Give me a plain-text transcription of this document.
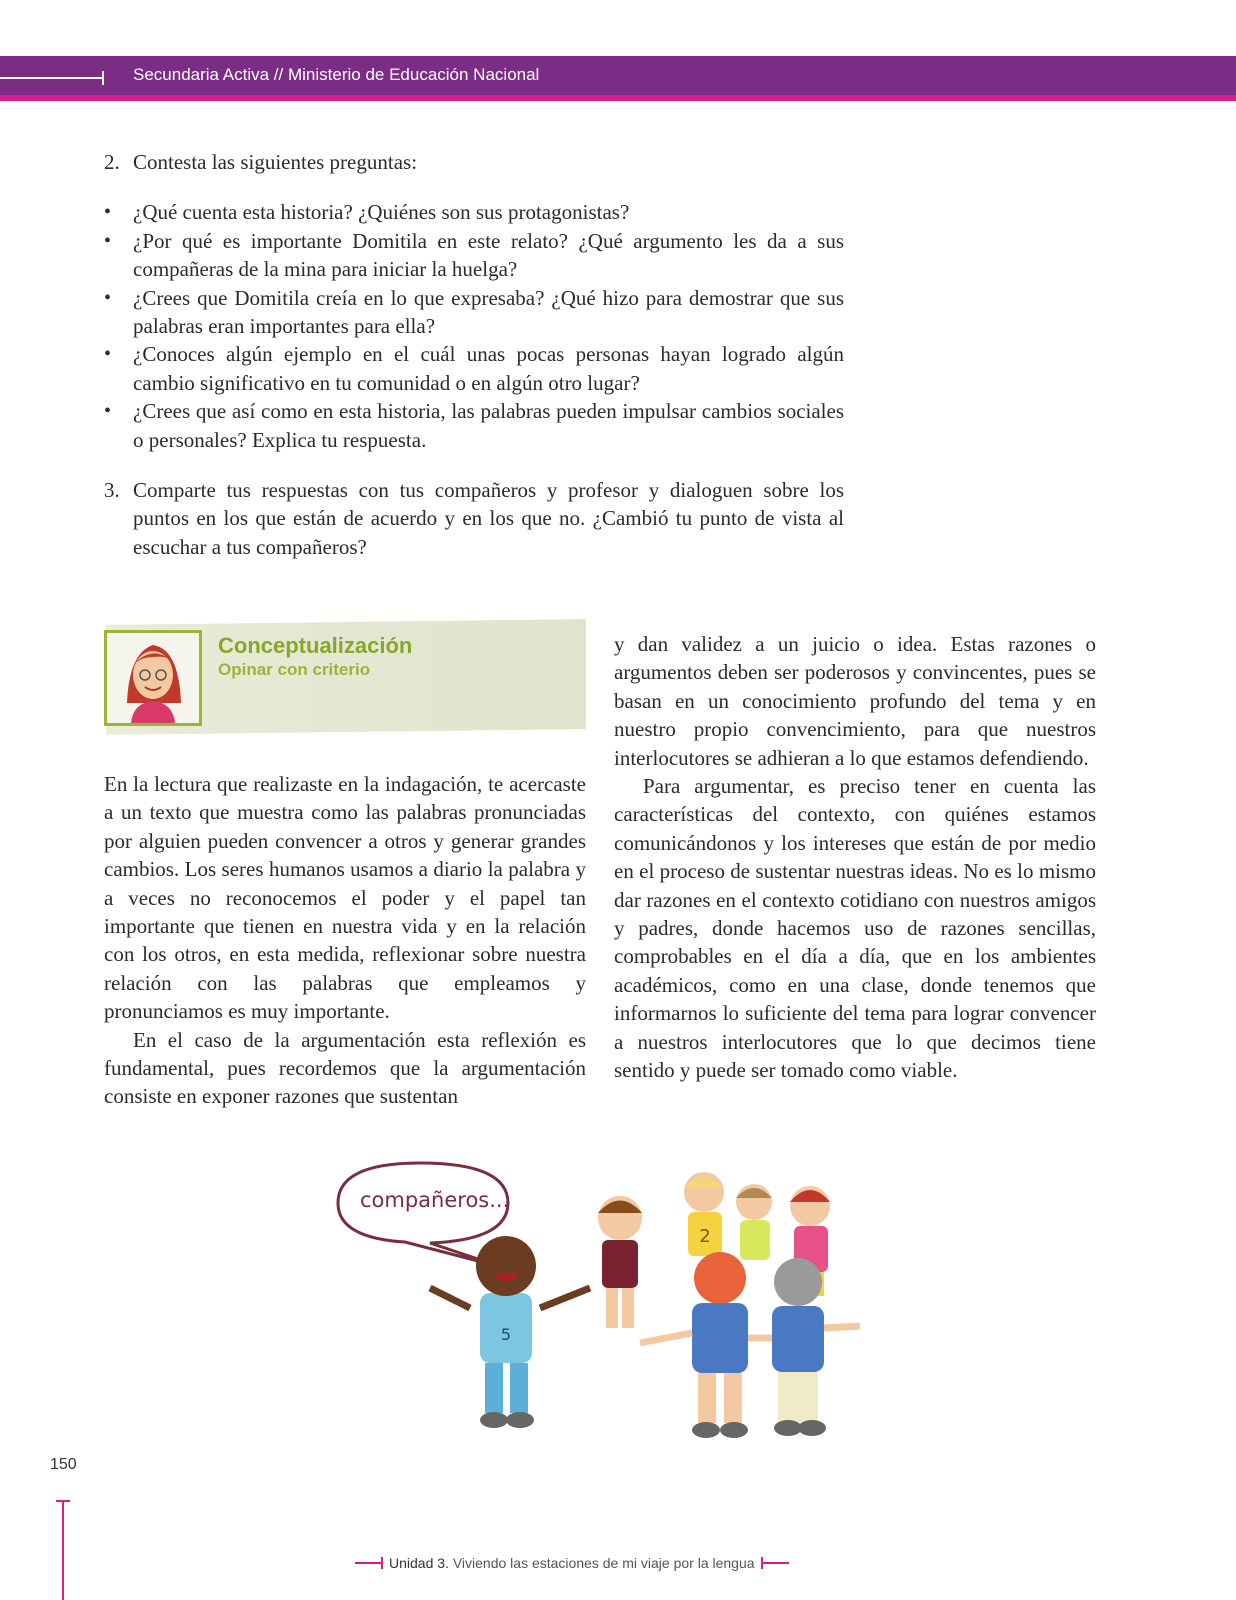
Secundaria Activa // Ministerio de Educación Nacional
2. Contesta las siguientes preguntas:
•	¿Qué cuenta esta historia? ¿Quiénes son sus protagonistas?
•	¿Por qué es importante Domitila en este relato? ¿Qué argumento les da a sus compañeras de la mina para iniciar la huelga?
•	¿Crees que Domitila creía en lo que expresaba? ¿Qué hizo para demostrar que sus palabras eran importantes para ella?
•	¿Conoces algún ejemplo en el cuál unas pocas personas hayan logrado algún cambio significativo en tu comunidad o en algún otro lugar?
•	¿Crees que así como en esta historia, las palabras pueden impulsar cambios sociales o personales? Explica tu respuesta.
3. Comparte tus respuestas con tus compañeros y profesor y dialoguen sobre los puntos en los que están de acuerdo y en los que no. ¿Cambió tu punto de vista al escuchar a tus compañeros?
Conceptualización
Opinar con criterio

En la lectura que realizaste en la indagación, te acercaste a un texto que muestra como las palabras pronunciadas por alguien pueden convencer a otros y generar grandes cambios. Los seres humanos usamos a diario la palabra y a veces no reconocemos el poder y el papel tan importante que tienen en nuestra vida y en la relación con los otros, en esta medida, reflexionar sobre nuestra relación con las palabras que empleamos y pronunciamos es muy importante.

En el caso de la argumentación esta reflexión es fundamental, pues recordemos que la argumentación consiste en exponer razones que sustentan

y dan validez a un juicio o idea. Estas razones o argumentos deben ser poderosos y convincentes, pues se basan en un conocimiento profundo del tema y en nuestro propio convencimiento, para que nuestros interlocutores se adhieran a lo que estamos defendiendo.

Para argumentar, es preciso tener en cuenta las características del contexto, con quiénes estamos comunicándonos y los intereses que están de por medio en el proceso de sustentar nuestras ideas. No es lo mismo dar razones en el contexto cotidiano con nuestros amigos y padres, donde hacemos uso de razones sencillas, comprobables en el día a día, que en los ambientes académicos, como en una clase, donde tenemos que informarnos lo suficiente del tema para lograr convencer a nuestros interlocutores que lo que decimos tiene sentido y puede ser tomado como viable.

5
2
compañeros...
150
Unidad 3. Viviendo las estaciones de mi viaje por la lengua
